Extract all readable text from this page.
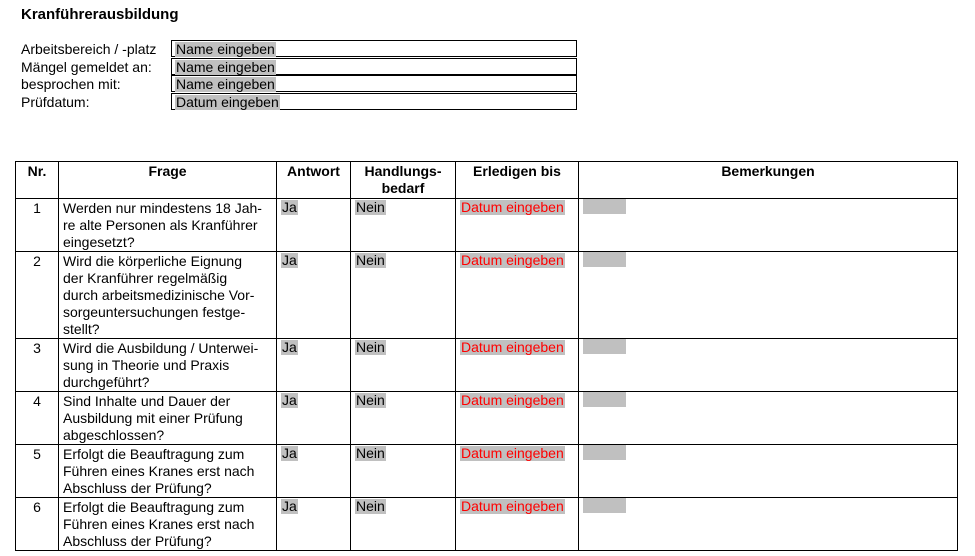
Kranführerausbildung
Arbeitsbereich / -platz	Name eingeben
Mängel gemeldet an:	Name eingeben
besprochen mit:	Name eingeben
Prüfdatum:	Datum eingeben
Nr.	Frage	Antwort	Handlungs-
bedarf	Erledigen bis	Bemerkungen
1	Werden nur mindestens 18 Jah-
re alte Personen als Kranführer
eingesetzt?	Ja	Nein	Datum eingeben	
2	Wird die körperliche Eignung
der Kranführer regelmäßig
durch arbeitsmedizinische Vor-
sorgeuntersuchungen festge-
stellt?	Ja	Nein	Datum eingeben	
3	Wird die Ausbildung / Unterwei-
sung in Theorie und Praxis
durchgeführt?	Ja	Nein	Datum eingeben	
4	Sind Inhalte und Dauer der
Ausbildung mit einer Prüfung
abgeschlossen?	Ja	Nein	Datum eingeben	
5	Erfolgt die Beauftragung zum
Führen eines Kranes erst nach
Abschluss der Prüfung?	Ja	Nein	Datum eingeben	
6	Erfolgt die Beauftragung zum
Führen eines Kranes erst nach
Abschluss der Prüfung?	Ja	Nein	Datum eingeben	
